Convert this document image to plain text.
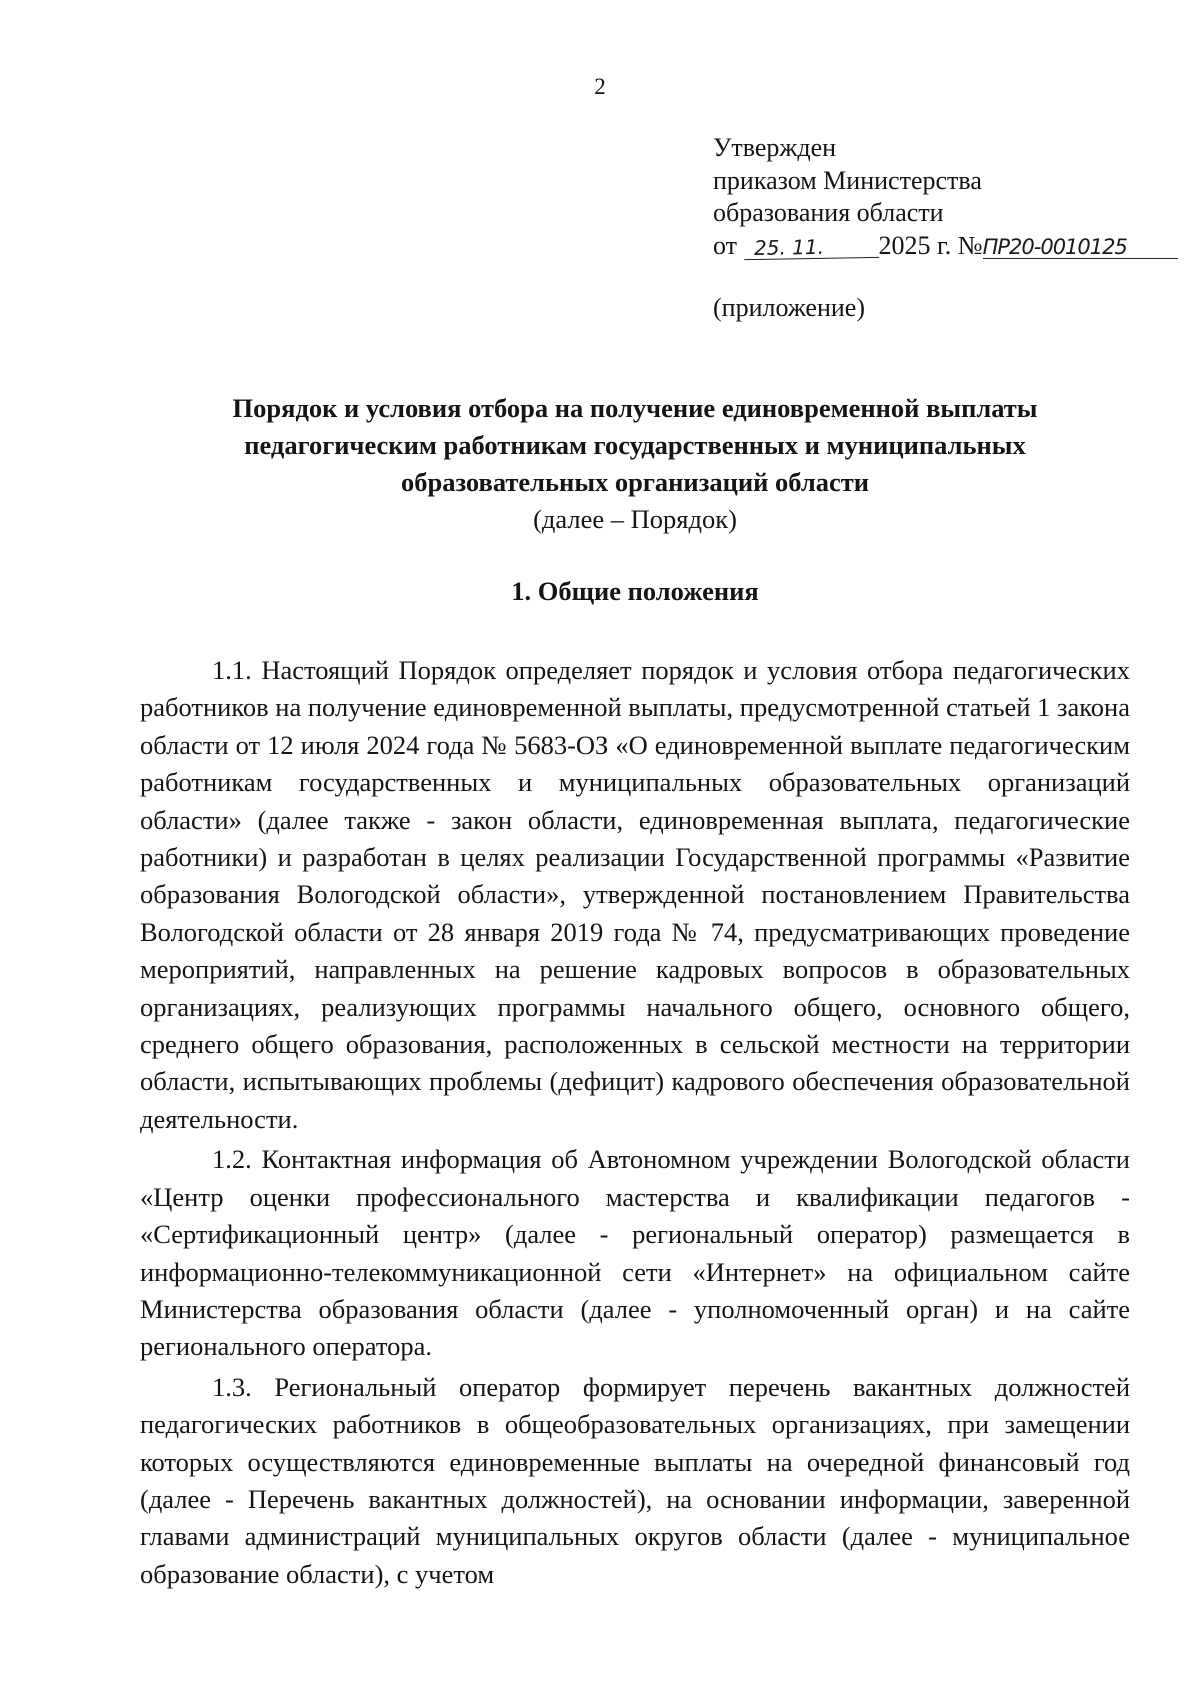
2
Утвержден
приказом Министерства
образования области
от 25. 11. 2025 г. №ПР20-0010125
(приложение)
Порядок и условия отбора на получение единовременной выплаты
педагогическим работникам государственных и муниципальных
образовательных организаций области
(далее – Порядок)
1. Общие положения

1.1. Настоящий Порядок определяет порядок и условия отбора педагогических работников на получение единовременной выплаты, предусмотренной статьей 1 закона области от 12 июля 2024 года № 5683-ОЗ «О единовременной выплате педагогическим работникам государственных и муниципальных образовательных организаций области» (далее также - закон области, единовременная выплата, педагогические работники) и разработан в целях реализации Государственной программы «Развитие образования Вологодской области», утвержденной постановлением Правительства Вологодской области от 28 января 2019 года № 74, предусматривающих проведение мероприятий, направленных на решение кадровых вопросов в образовательных организациях, реализующих программы начального общего, основного общего, среднего общего образования, расположенных в сельской местности на территории области, испытывающих проблемы (дефицит) кадрового обеспечения образовательной деятельности.

1.2. Контактная информация об Автономном учреждении Вологодской области «Центр оценки профессионального мастерства и квалификации педагогов - «Сертификационный центр» (далее - региональный оператор) размещается в информационно-телекоммуникационной сети «Интернет» на официальном сайте Министерства образования области (далее - уполномоченный орган) и на сайте регионального оператора.

1.3. Региональный оператор формирует перечень вакантных должностей педагогических работников в общеобразовательных организациях, при замещении которых осуществляются единовременные выплаты на очередной финансовый год (далее - Перечень вакантных должностей), на основании информации, заверенной главами администраций муниципальных округов области (далее - муниципальное образование области), с учетом
